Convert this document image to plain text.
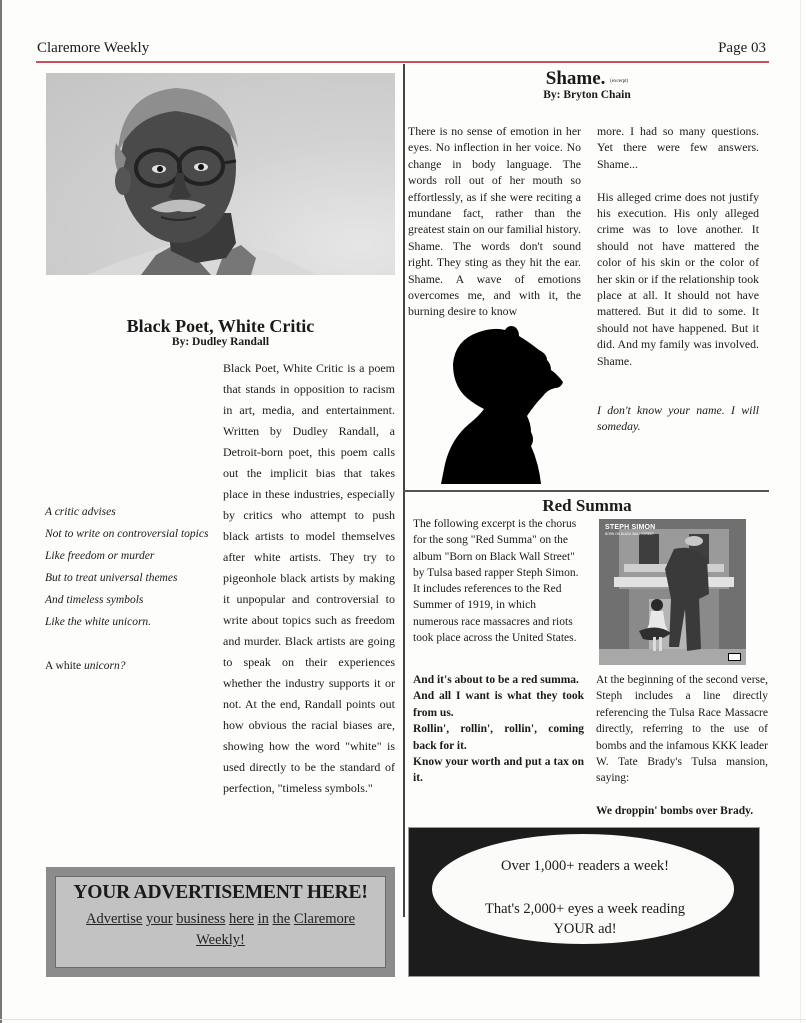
Claremore Weekly	Page 03
Black Poet, White Critic
By: Dudley Randall
Black Poet, White Critic is a poem that stands in opposition to racism in art, media, and entertainment. Written by Dudley Randall, a Detroit-born poet, this poem calls out the implicit bias that takes place in these industries, especially by critics who attempt to push black artists to model themselves after white artists. They try to pigeonhole black artists by making it unpopular and controversial to write about topics such as freedom and murder. Black artists are going to speak on their experiences whether the industry supports it or not. At the end, Randall points out how obvious the racial biases are, showing how the word "white" is used directly to be the standard of perfection, "timeless symbols."
A critic advises
Not to write on controversial topics
Like freedom or murder
But to treat universal themes
And timeless symbols
Like the white unicorn.
A white unicorn?
Shame. (excerpt)
By: Bryton Chain
There is no sense of emotion in her eyes. No inflection in her voice. No change in body language. The words roll out of her mouth so effortlessly, as if she were reciting a mundane fact, rather than the greatest stain on our familial history. Shame. The words don't sound right. They sting as they hit the ear. Shame. A wave of emotions overcomes me, and with it, the burning desire to know

more. I had so many questions. Yet there were few answers. Shame...

His alleged crime does not justify his execution. His only alleged crime was to love another. It should not have mattered the color of his skin or the color of her skin or if the relationship took place at all. It should not have mattered. But it did to some. It should not have happened. But it did. And my family was involved. Shame.

I don't know your name. I will someday.
Red Summa
The following excerpt is the chorus for the song "Red Summa" on the album "Born on Black Wall Street" by Tulsa based rapper Steph Simon. It includes references to the Red Summer of 1919, in which numerous race massacres and riots took place across the United States.
STEPH SIMON
BORN ON BLACK WALL STREET
And it's about to be a red summa.
And all I want is what they took from us.
Rollin', rollin', rollin', coming back for it.
Know your worth and put a tax on it.
At the beginning of the second verse, Steph includes a line directly referencing the Tulsa Race Massacre directly, referring to the use of bombs and the infamous KKK leader W. Tate Brady's Tulsa mansion, saying:
We droppin' bombs over Brady.
YOUR ADVERTISEMENT HERE!
Advertise your business here in the Claremore Weekly!
Over 1,000+ readers a week!
That's 2,000+ eyes a week reading YOUR ad!
